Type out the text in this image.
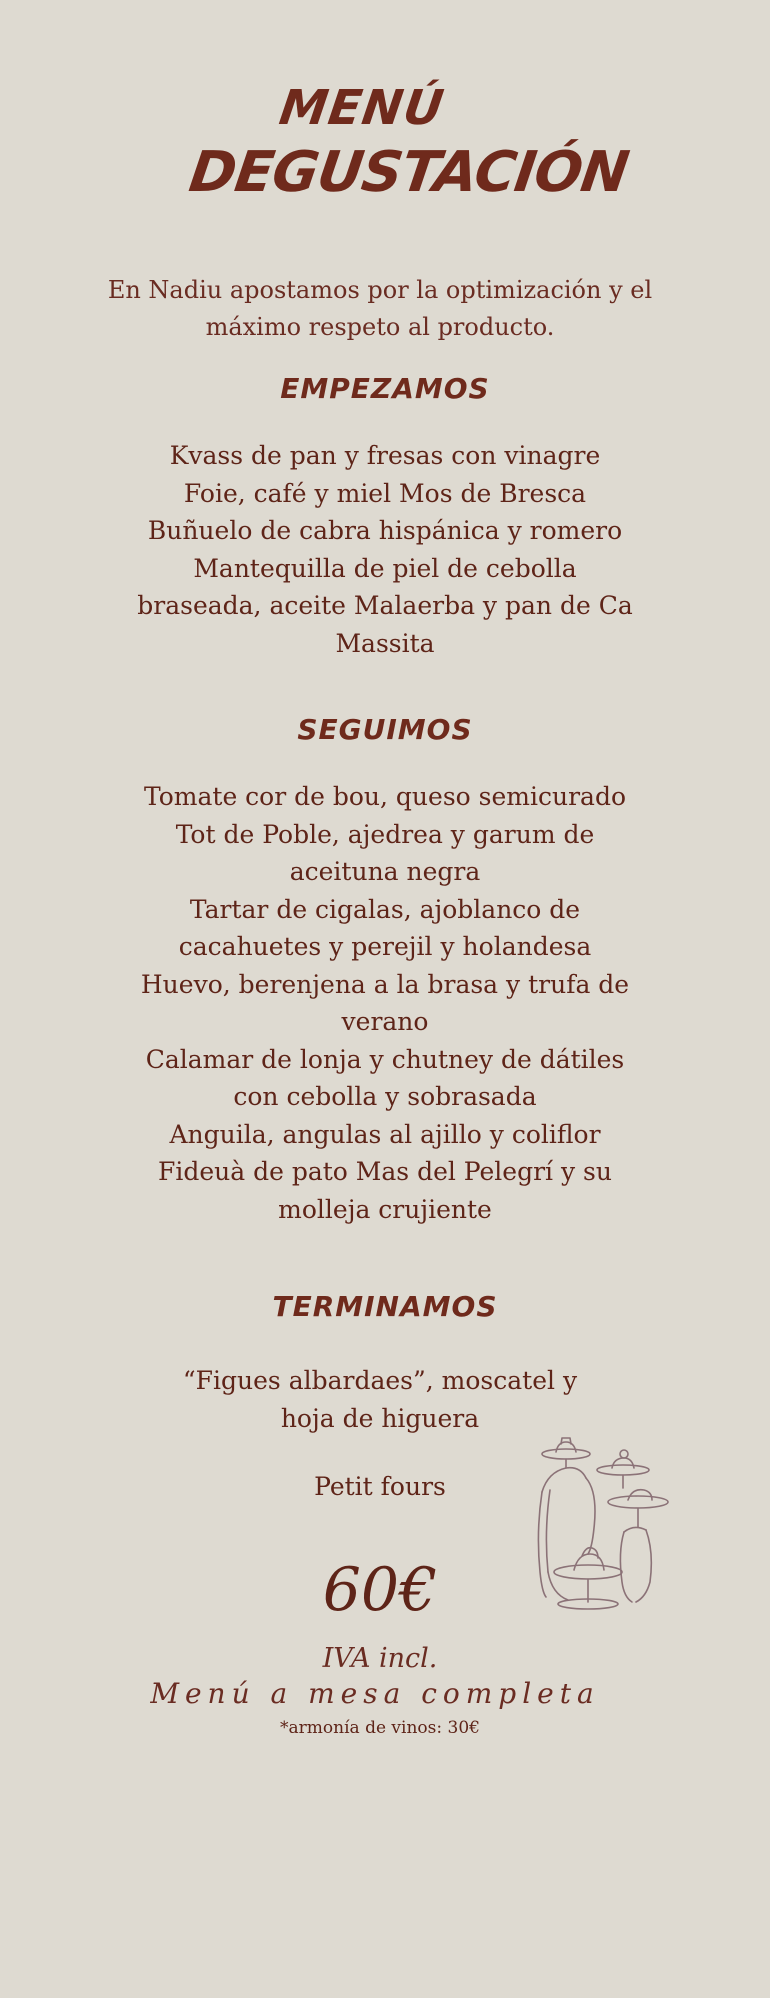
MENÚ
DEGUSTACIÓN
En Nadiu apostamos por la optimización y el
máximo respeto al producto.
EMPEZAMOS
Kvass de pan y fresas con vinagre
Foie, café y miel Mos de Bresca
Buñuelo de cabra hispánica y romero
Mantequilla de piel de cebolla
braseada, aceite Malaerba y pan de Ca
Massita
SEGUIMOS
Tomate cor de bou, queso semicurado
Tot de Poble, ajedrea y garum de
aceituna negra
Tartar de cigalas, ajoblanco de
cacahuetes y perejil y holandesa
Huevo, berenjena a la brasa y trufa de
verano
Calamar de lonja y chutney de dátiles
con cebolla y sobrasada
Anguila, angulas al ajillo y coliflor
Fideuà de pato Mas del Pelegrí y su
molleja crujiente
TERMINAMOS
“Figues albardaes”, moscatel y
hoja de higuera
Petit fours
60€
IVA incl.
Menú a mesa completa
*armonía de vinos: 30€
